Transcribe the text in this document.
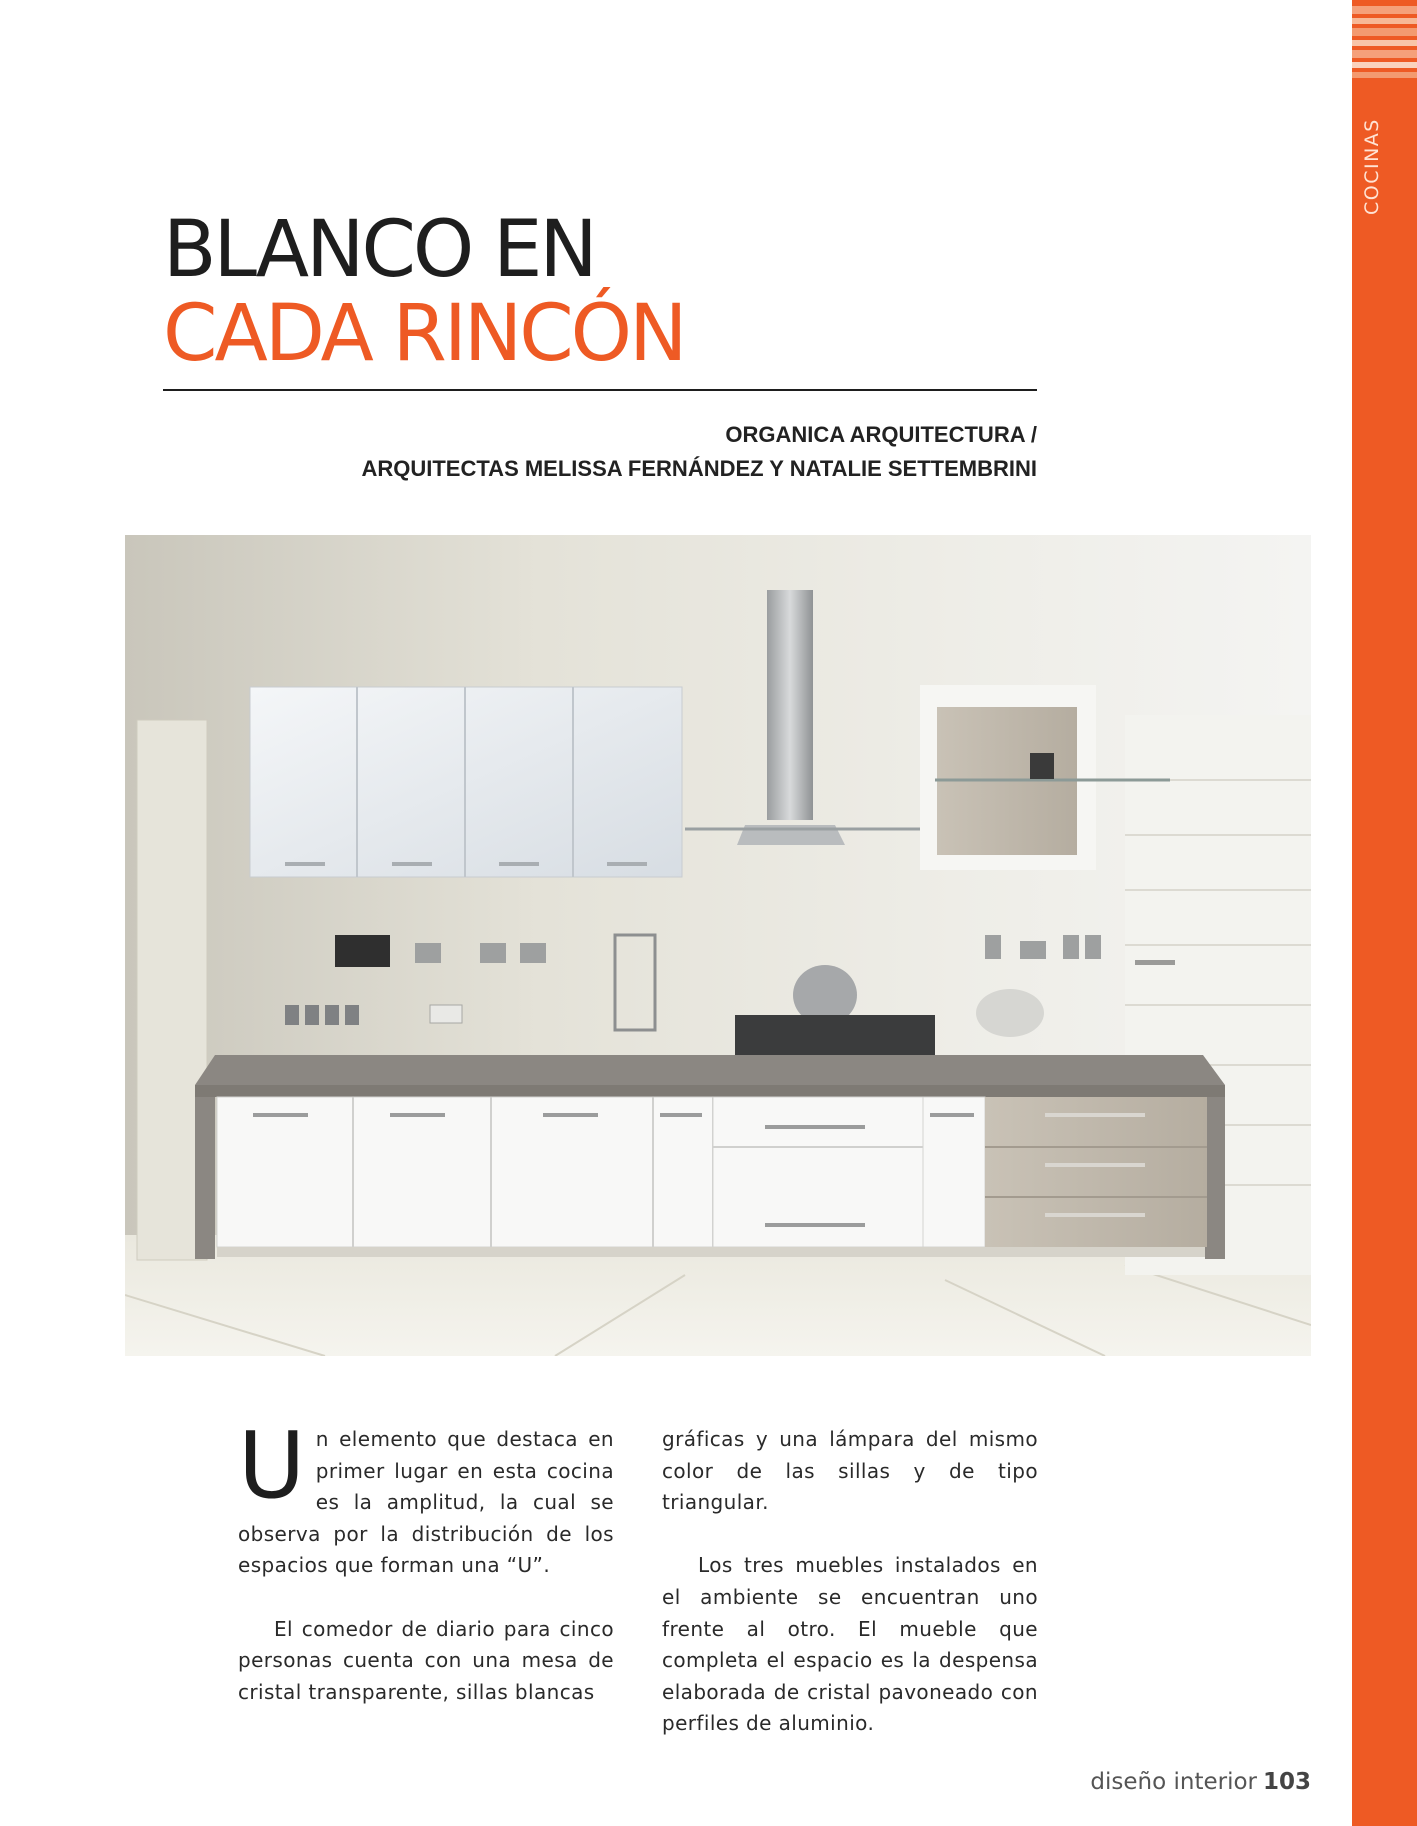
COCINAS
BLANCO EN
CADA RINCÓN
ORGANICA ARQUITECTURA /
ARQUITECTAS MELISSA FERNÁNDEZ Y NATALIE SETTEMBRINI

Un elemento que destaca en primer lugar en esta cocina es la amplitud, la cual se observa por la distribución de los espacios que forman una “U”.

El comedor de diario para cinco personas cuenta con una mesa de cristal transparente, sillas blancas

gráficas y una lámpara del mismo color de las sillas y de tipo triangular.

Los tres muebles instalados en el ambiente se encuentran uno frente al otro. El mueble que completa el espacio es la despensa elaborada de cristal pavoneado con perfiles de aluminio.

diseño interior 103
